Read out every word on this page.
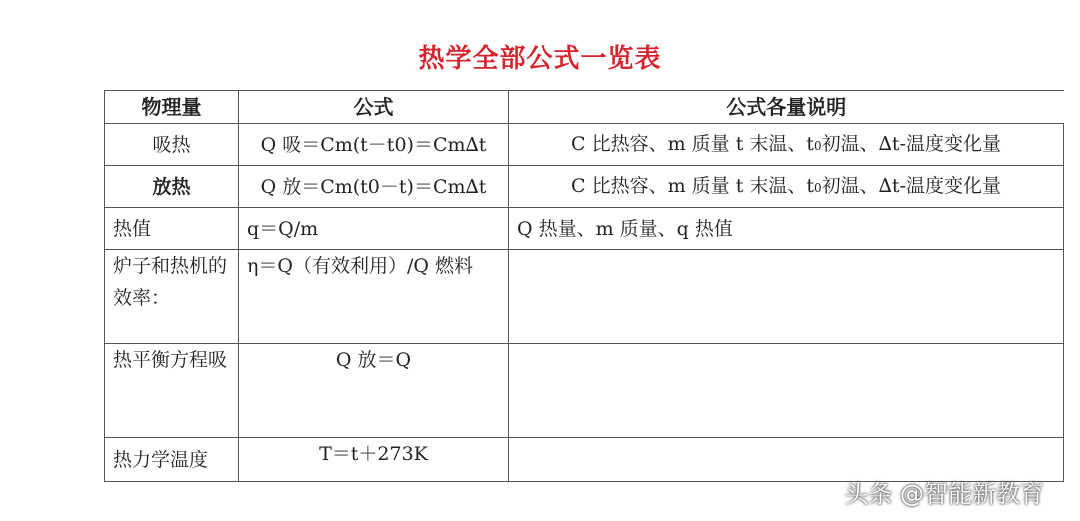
热学全部公式一览表
物理量	公式	公式各量说明
吸热	Q 吸＝Cm(t－t0)＝Cm∆t	C 比热容、m 质量 t 末温、t0初温、∆t-温度变化量
放热	Q 放＝Cm(t0－t)＝Cm∆t	C 比热容、m 质量 t 末温、t0初温、∆t-温度变化量
热值	q＝Q/m	Q 热量、m 质量、q 热值
炉子和热机的效率：	η＝Q（有效利用）/Q 燃料	
热平衡方程吸	Q 放＝Q	
热力学温度	T＝t＋273K	
头条 @智能新教育
